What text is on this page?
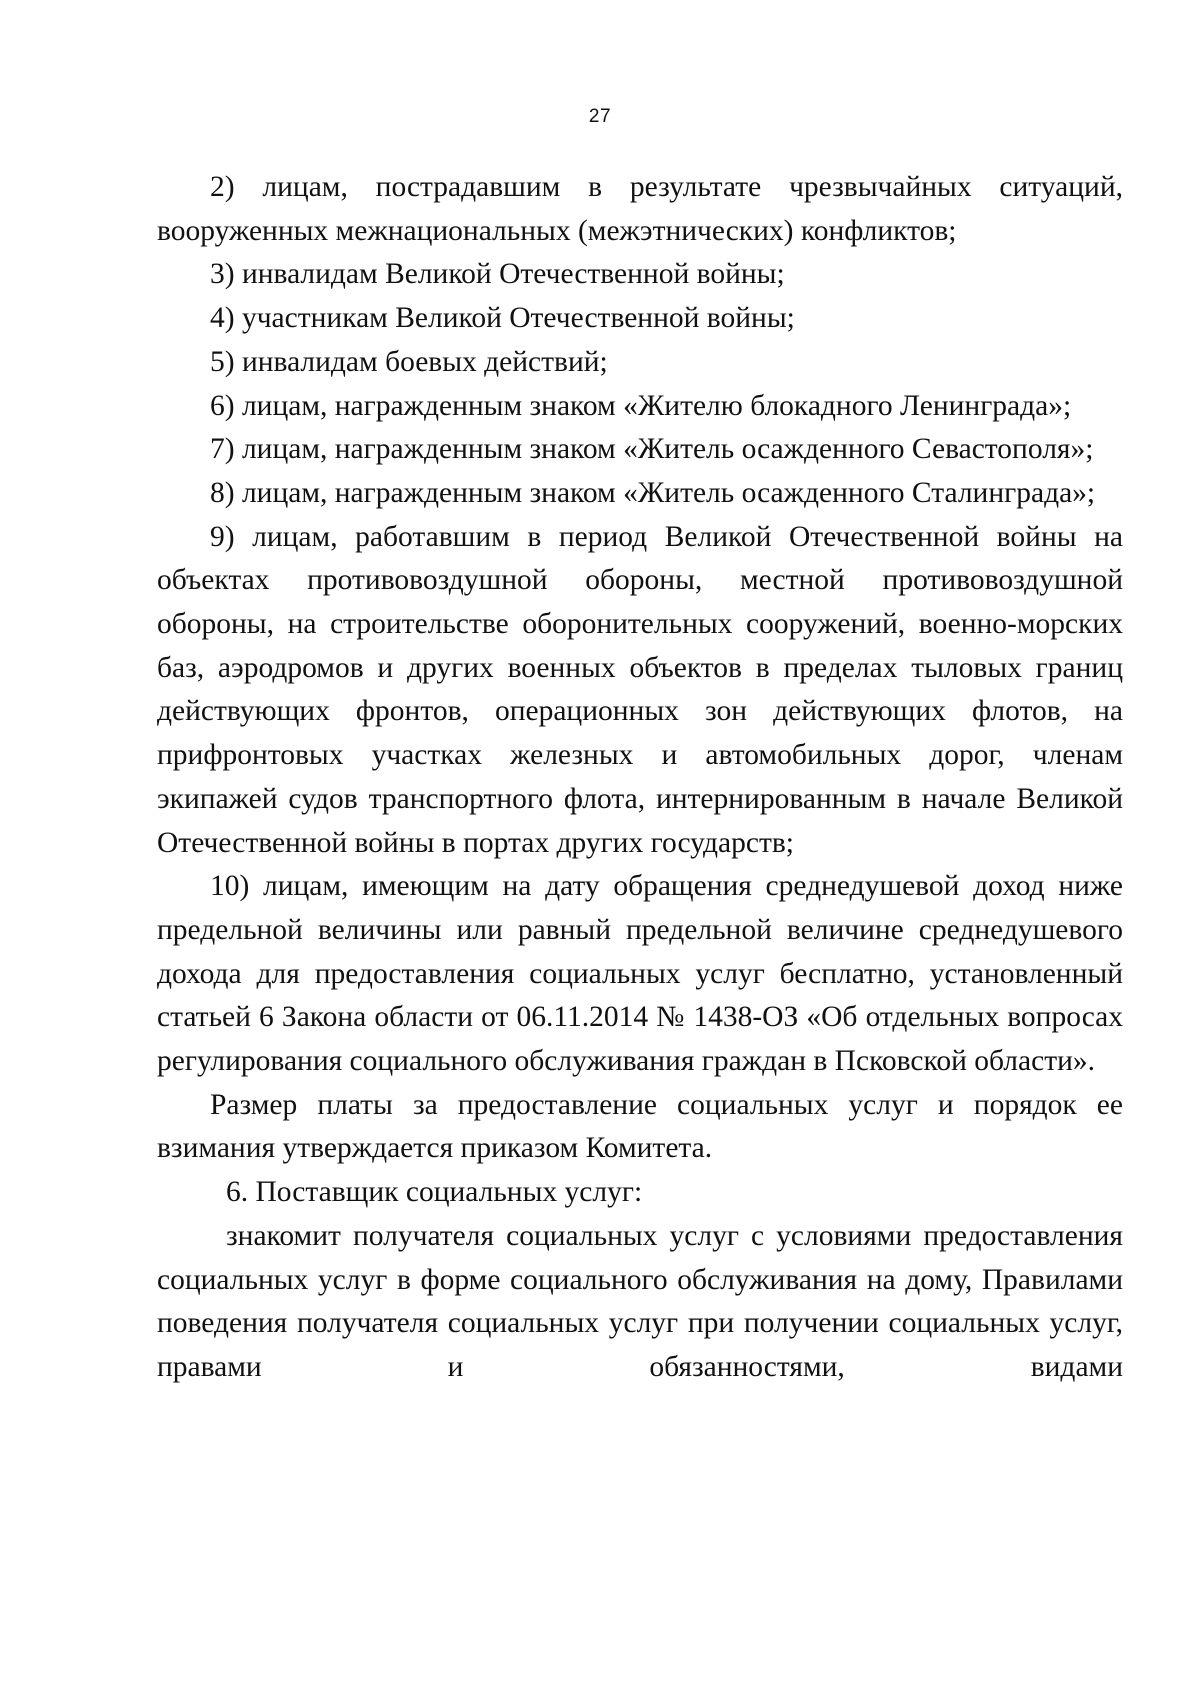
27

2) лицам, пострадавшим в результате чрезвычайных ситуаций, вооруженных межнациональных (межэтнических) конфликтов;

3) инвалидам Великой Отечественной войны;

4) участникам Великой Отечественной войны;

5) инвалидам боевых действий;

6) лицам, награжденным знаком «Жителю блокадного Ленинграда»;

7) лицам, награжденным знаком «Житель осажденного Севастополя»;

8) лицам, награжденным знаком «Житель осажденного Сталинграда»;

9) лицам, работавшим в период Великой Отечественной войны на объектах противовоздушной обороны, местной противовоздушной обороны, на строительстве оборонительных сооружений, военно-морских баз, аэродромов и других военных объектов в пределах тыловых границ действующих фронтов, операционных зон действующих флотов, на прифронтовых участках железных и автомобильных дорог, членам экипажей судов транспортного флота, интернированным в начале Великой Отечественной войны в портах других государств;

10) лицам, имеющим на дату обращения среднедушевой доход ниже предельной величины или равный предельной величине среднедушевого дохода для предоставления социальных услуг бесплатно, установленный статьей 6 Закона области от 06.11.2014 № 1438-ОЗ «Об отдельных вопросах регулирования социального обслуживания граждан в Псковской области».

Размер платы за предоставление социальных услуг и порядок ее взимания утверждается приказом Комитета.

6. Поставщик социальных услуг:

знакомит получателя социальных услуг с условиями предоставления социальных услуг в форме социального обслуживания на дому, Правилами поведения получателя социальных услуг при получении социальных услуг, правами и обязанностями, видами
